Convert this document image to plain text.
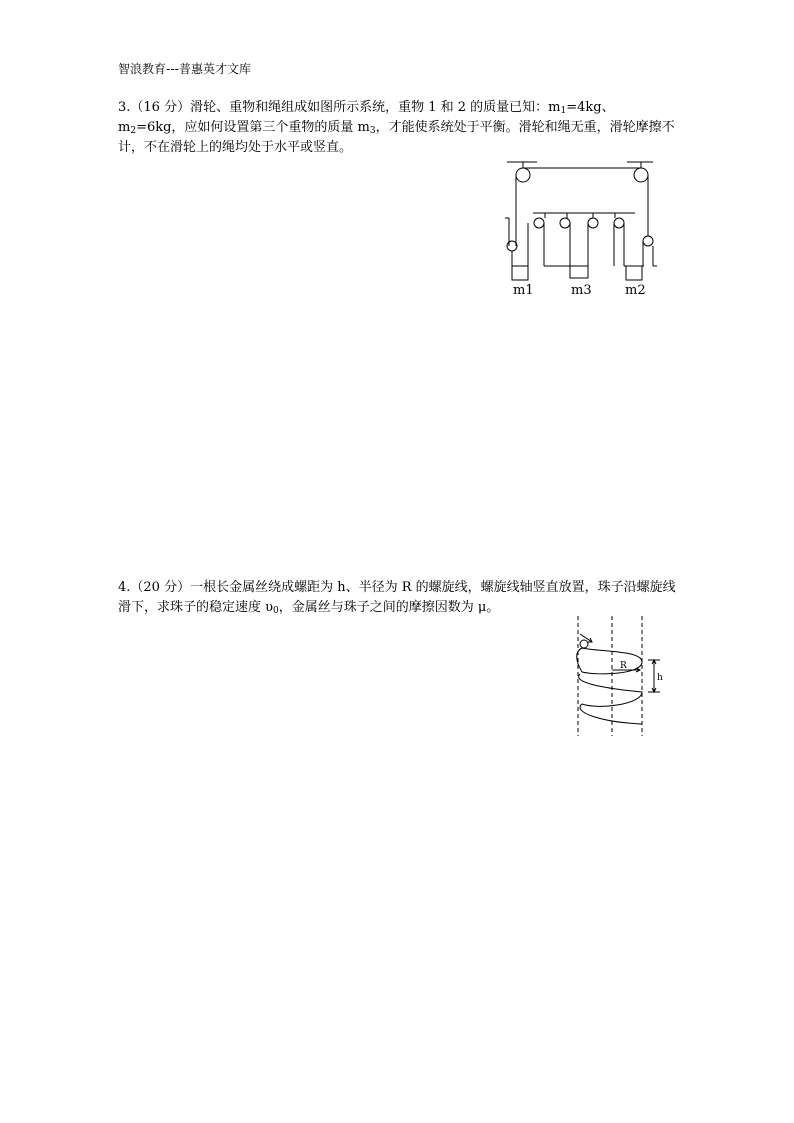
智浪教育---普惠英才文库
3.（16 分）滑轮、重物和绳组成如图所示系统，重物 1 和 2 的质量已知：$m_1=4kg$、$m_2=6kg$，应如何设置第三个重物的质量 $m_3$，才能使系统处于平衡。滑轮和绳无重，滑轮摩擦不计，不在滑轮上的绳均处于水平或竖直。
m1	m3	m2
4.（20 分）一根长金属丝绕成螺距为 h、半径为 R 的螺旋线，螺旋线轴竖直放置，珠子沿螺旋线滑下，求珠子的稳定速度 $\upsilon_0$，金属丝与珠子之间的摩擦因数为 μ。
R
h
